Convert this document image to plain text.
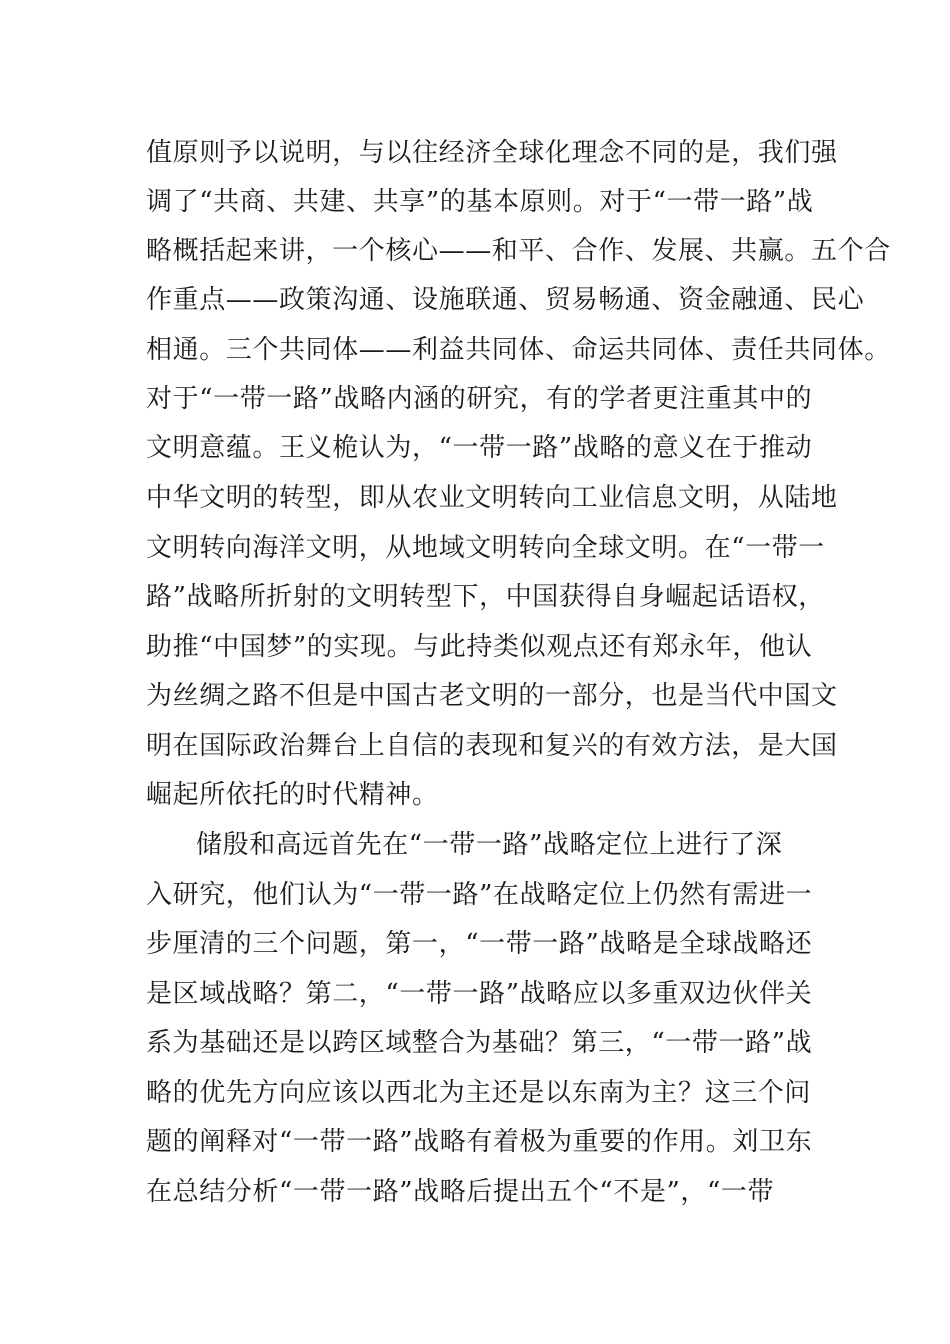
值原则予以说明，与以往经济全球化理念不同的是，我们强

调了“共商、共建、共享”的基本原则。对于“一带一路”战

略概括起来讲，一个核心——和平、合作、发展、共赢。五个合

作重点——政策沟通、设施联通、贸易畅通、资金融通、民心

相通。三个共同体——利益共同体、命运共同体、责任共同体。

对于“一带一路”战略内涵的研究，有的学者更注重其中的

文明意蕴。王义桅认为，“一带一路”战略的意义在于推动

中华文明的转型，即从农业文明转向工业信息文明，从陆地

文明转向海洋文明，从地域文明转向全球文明。在“一带一

路”战略所折射的文明转型下，中国获得自身崛起话语权，

助推“中国梦”的实现。与此持类似观点还有郑永年，他认

为丝绸之路不但是中国古老文明的一部分，也是当代中国文

明在国际政治舞台上自信的表现和复兴的有效方法，是大国

崛起所依托的时代精神。

储殷和高远首先在“一带一路”战略定位上进行了深

入研究，他们认为“一带一路”在战略定位上仍然有需进一

步厘清的三个问题，第一，“一带一路”战略是全球战略还

是区域战略？第二，“一带一路”战略应以多重双边伙伴关

系为基础还是以跨区域整合为基础？第三，“一带一路”战

略的优先方向应该以西北为主还是以东南为主？这三个问

题的阐释对“一带一路”战略有着极为重要的作用。刘卫东

在总结分析“一带一路”战略后提出五个“不是”，“一带
